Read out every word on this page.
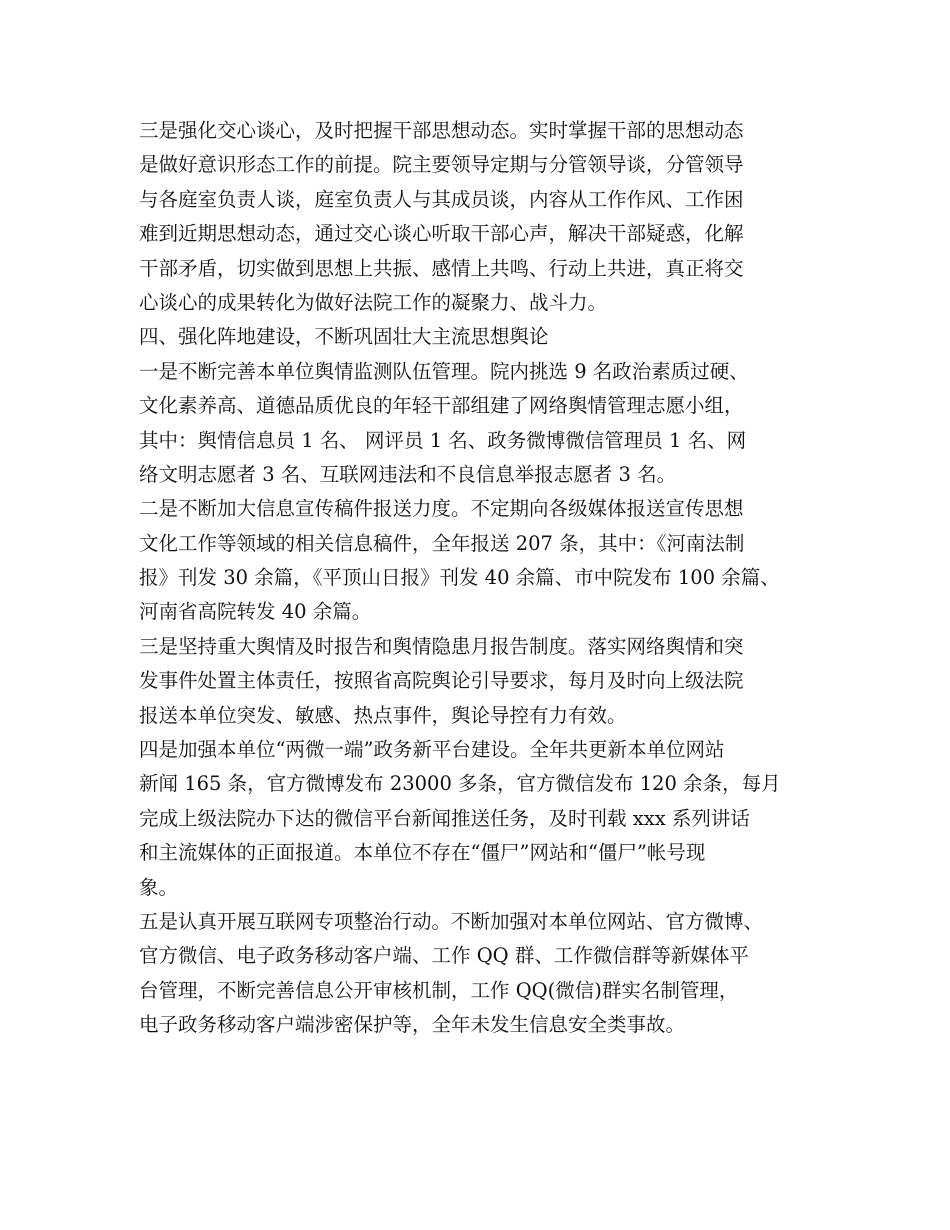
三是强化交心谈心，及时把握干部思想动态。实时掌握干部的思想动态
是做好意识形态工作的前提。院主要领导定期与分管领导谈，分管领导
与各庭室负责人谈，庭室负责人与其成员谈，内容从工作作风、工作困
难到近期思想动态，通过交心谈心听取干部心声，解决干部疑惑，化解
干部矛盾，切实做到思想上共振、感情上共鸣、行动上共进，真正将交
心谈心的成果转化为做好法院工作的凝聚力、战斗力。
四、强化阵地建设，不断巩固壮大主流思想舆论
一是不断完善本单位舆情监测队伍管理。院内挑选 9 名政治素质过硬、
文化素养高、道德品质优良的年轻干部组建了网络舆情管理志愿小组，
其中：舆情信息员 1 名、 网评员 1 名、政务微博微信管理员 1 名、网
络文明志愿者 3 名、互联网违法和不良信息举报志愿者 3 名。
二是不断加大信息宣传稿件报送力度。不定期向各级媒体报送宣传思想
文化工作等领域的相关信息稿件，全年报送 207 条，其中：《河南法制
报》刊发 30 余篇，《平顶山日报》刊发 40 余篇、市中院发布 100 余篇、
河南省高院转发 40 余篇。
三是坚持重大舆情及时报告和舆情隐患月报告制度。落实网络舆情和突
发事件处置主体责任，按照省高院舆论引导要求，每月及时向上级法院
报送本单位突发、敏感、热点事件，舆论导控有力有效。
四是加强本单位“两微一端”政务新平台建设。全年共更新本单位网站
新闻 165 条，官方微博发布 23000 多条，官方微信发布 120 余条，每月
完成上级法院办下达的微信平台新闻推送任务，及时刊载 xxx 系列讲话
和主流媒体的正面报道。本单位不存在“僵尸”网站和“僵尸”帐号现
象。
五是认真开展互联网专项整治行动。不断加强对本单位网站、官方微博、
官方微信、电子政务移动客户端、工作 QQ 群、工作微信群等新媒体平
台管理，不断完善信息公开审核机制，工作 QQ(微信)群实名制管理，
电子政务移动客户端涉密保护等，全年未发生信息安全类事故。
